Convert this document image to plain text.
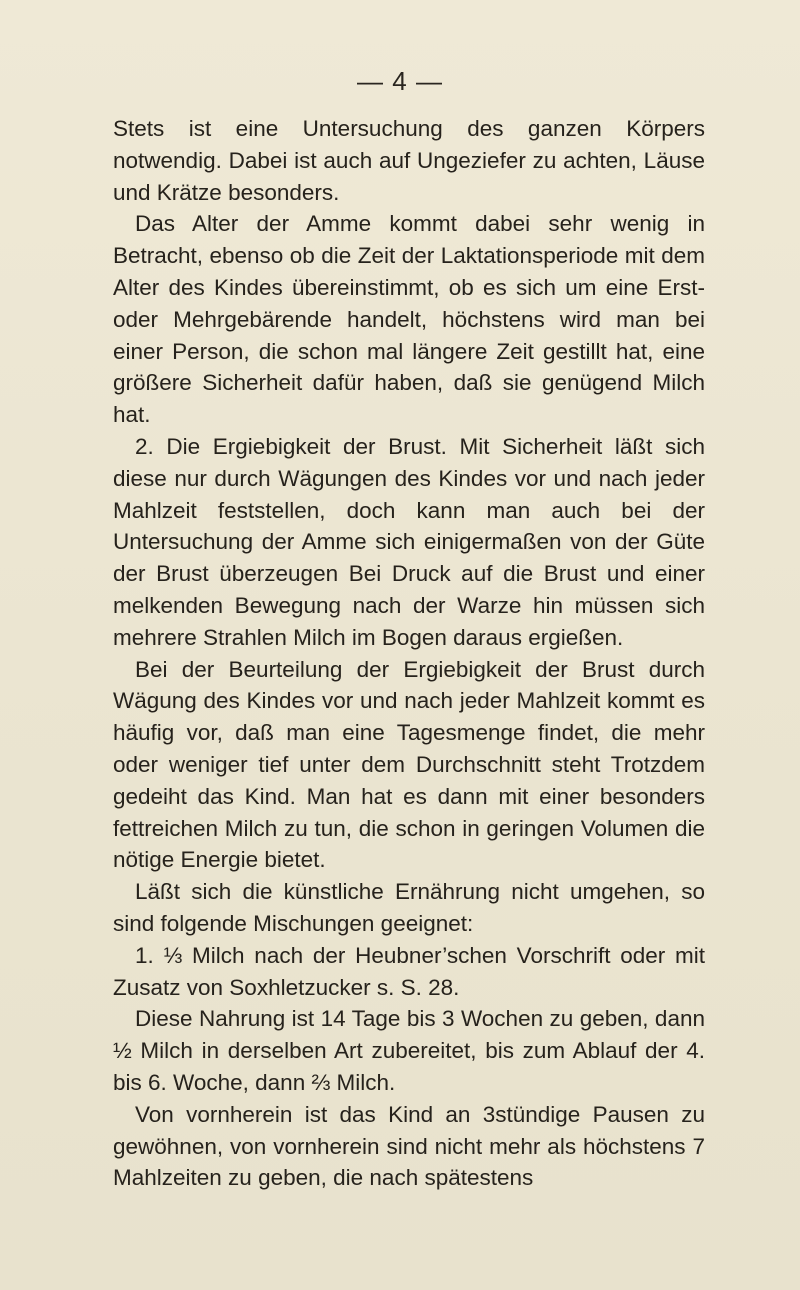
— 4 —

Stets ist eine Untersuchung des ganzen Körpers notwendig. Dabei ist auch auf Ungeziefer zu achten, Läuse und Krätze besonders.

Das Alter der Amme kommt dabei sehr wenig in Betracht, ebenso ob die Zeit der Laktationsperiode mit dem Alter des Kindes übereinstimmt, ob es sich um eine Erst- oder Mehrgebärende handelt, höchstens wird man bei einer Person, die schon mal längere Zeit gestillt hat, eine größere Sicherheit dafür haben, daß sie genügend Milch hat.

2. Die Ergiebigkeit der Brust. Mit Sicherheit läßt sich diese nur durch Wägungen des Kindes vor und nach jeder Mahlzeit feststellen, doch kann man auch bei der Untersuchung der Amme sich einigermaßen von der Güte der Brust überzeugen Bei Druck auf die Brust und einer melkenden Bewegung nach der Warze hin müssen sich mehrere Strahlen Milch im Bogen daraus ergießen.

Bei der Beurteilung der Ergiebigkeit der Brust durch Wägung des Kindes vor und nach jeder Mahlzeit kommt es häufig vor, daß man eine Tagesmenge findet, die mehr oder weniger tief unter dem Durchschnitt steht Trotzdem gedeiht das Kind. Man hat es dann mit einer besonders fettreichen Milch zu tun, die schon in geringen Volumen die nötige Energie bietet.

Läßt sich die künstliche Ernährung nicht umgehen, so sind folgende Mischungen geeignet:

1. ⅓ Milch nach der Heubner’schen Vorschrift oder mit Zusatz von Soxhletzucker s. S. 28.

Diese Nahrung ist 14 Tage bis 3 Wochen zu geben, dann ½ Milch in derselben Art zubereitet, bis zum Ablauf der 4. bis 6. Woche, dann ⅔ Milch.

Von vornherein ist das Kind an 3stündige Pausen zu gewöhnen, von vornherein sind nicht mehr als höchstens 7 Mahlzeiten zu geben, die nach spätestens
